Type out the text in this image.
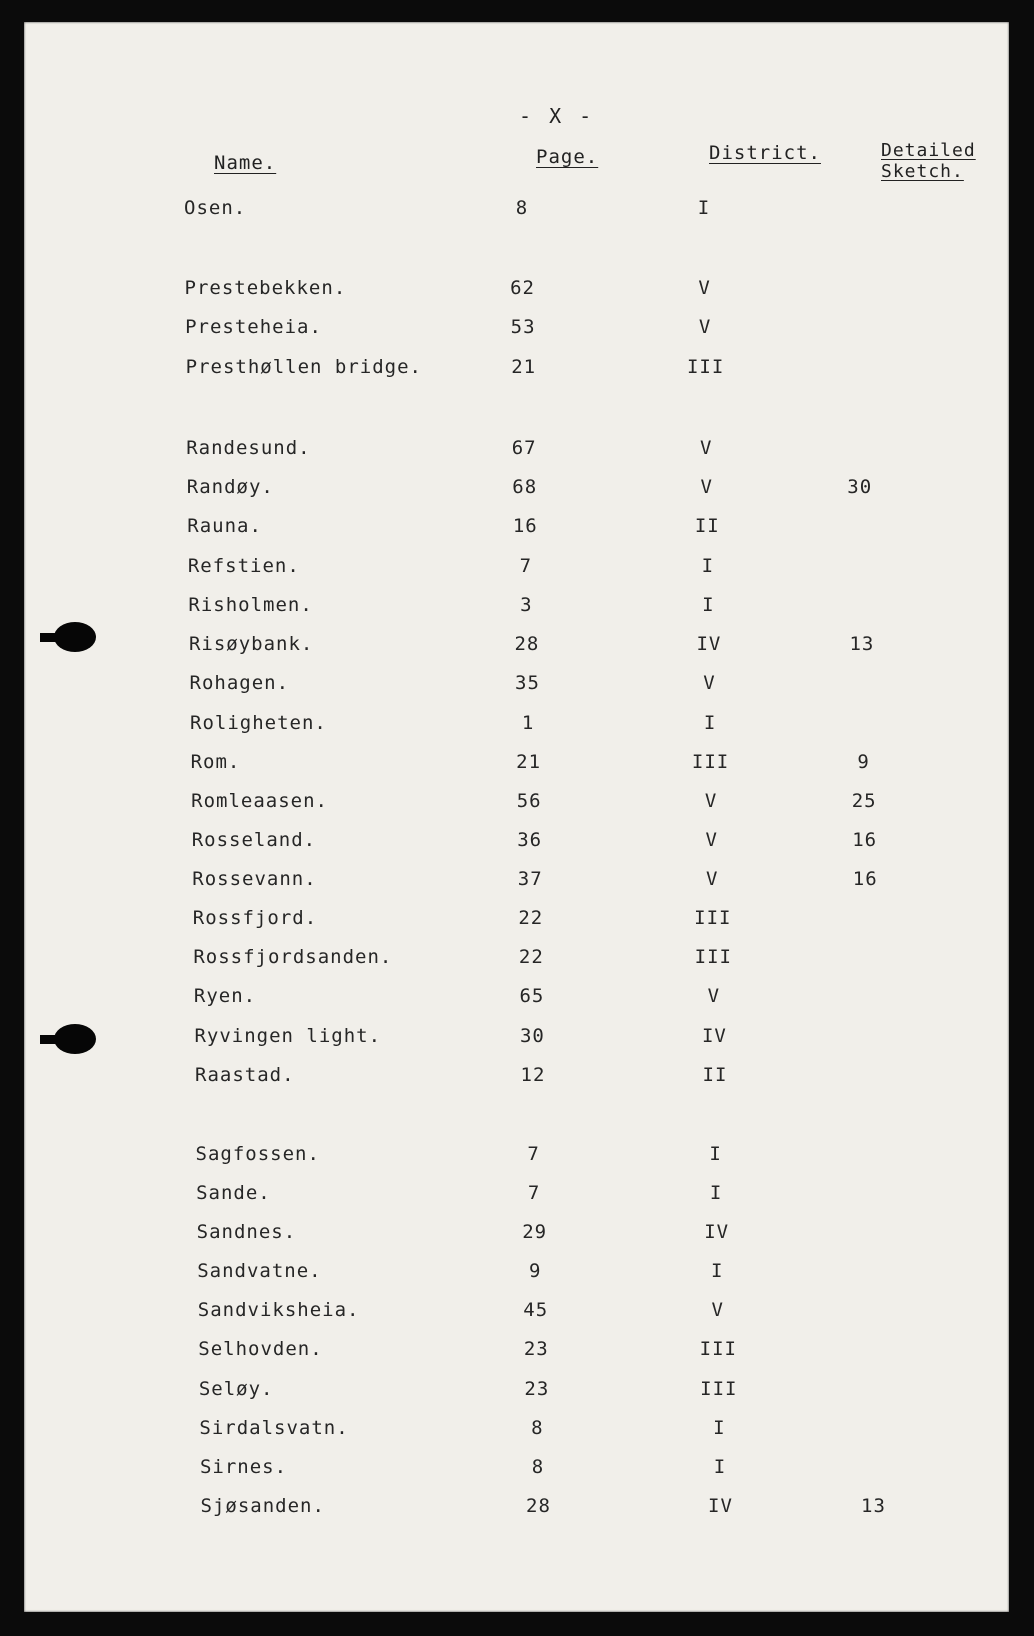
- X -
Name.	Page.	District.	Detailed
Sketch.
Osen.	8	I
Prestebekken.	62	V
Presteheia.	53	V
Presthøllen bridge.	21	III
Randesund.	67	V
Randøy.	68	V	30
Rauna.	16	II
Refstien.	7	I
Risholmen.	3	I
Risøybank.	28	IV	13
Rohagen.	35	V
Roligheten.	1	I
Rom.	21	III	9
Romleaasen.	56	V	25
Rosseland.	36	V	16
Rossevann.	37	V	16
Rossfjord.	22	III
Rossfjordsanden.	22	III
Ryen.	65	V
Ryvingen light.	30	IV
Raastad.	12	II
Sagfossen.	7	I
Sande.	7	I
Sandnes.	29	IV
Sandvatne.	9	I
Sandviksheia.	45	V
Selhovden.	23	III
Seløy.	23	III
Sirdalsvatn.	8	I
Sirnes.	8	I
Sjøsanden.	28	IV	13
